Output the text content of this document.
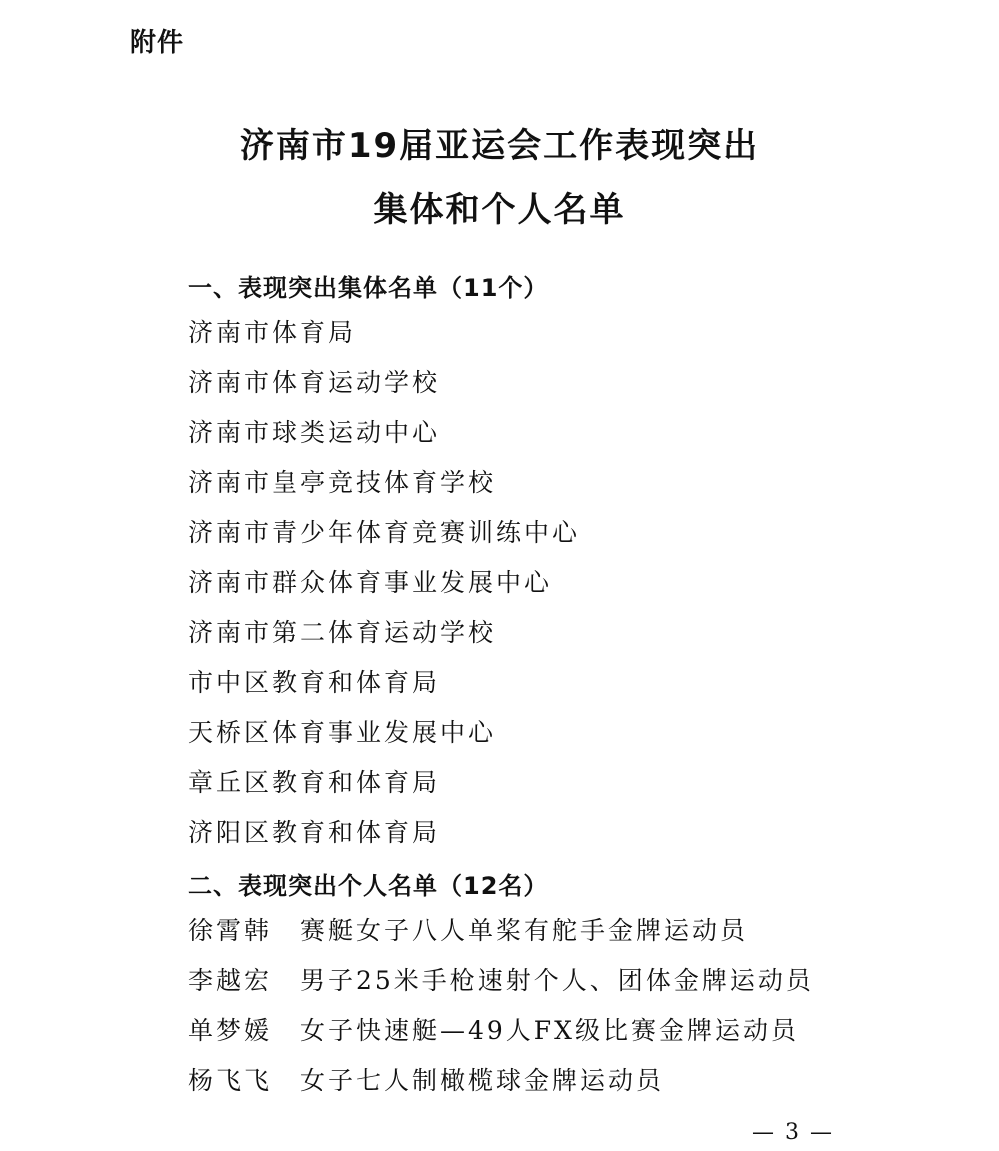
附件
济南市19届亚运会工作表现突出
集体和个人名单
一、表现突出集体名单（11个）
济南市体育局
济南市体育运动学校
济南市球类运动中心
济南市皇亭竞技体育学校
济南市青少年体育竞赛训练中心
济南市群众体育事业发展中心
济南市第二体育运动学校
市中区教育和体育局
天桥区体育事业发展中心
章丘区教育和体育局
济阳区教育和体育局
二、表现突出个人名单（12名）
徐霄韩	赛艇女子八人单桨有舵手金牌运动员
李越宏	男子25米手枪速射个人、团体金牌运动员
单梦媛	女子快速艇—49人FX级比赛金牌运动员
杨飞飞	女子七人制橄榄球金牌运动员
— 3 —
